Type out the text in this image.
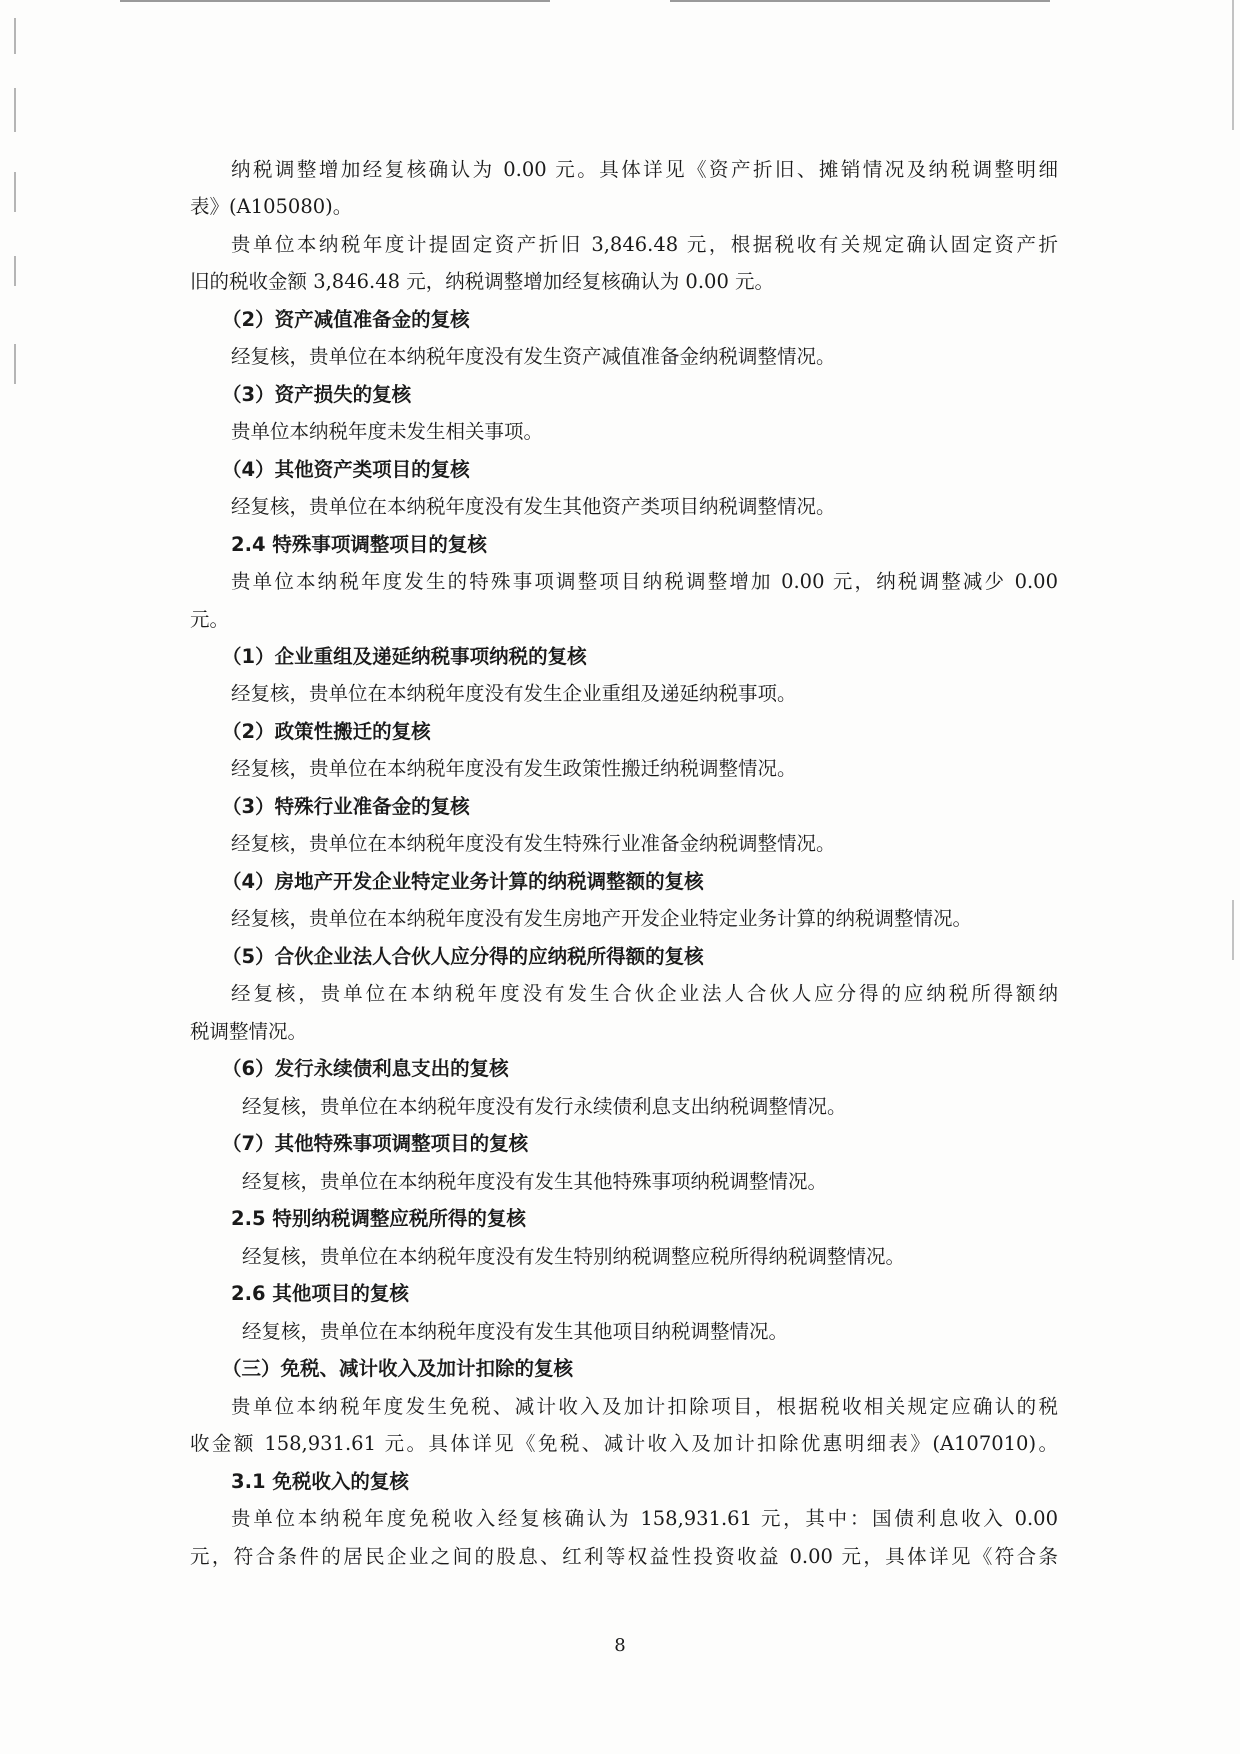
纳税调整增加经复核确认为 0.00 元。具体详见《资产折旧、摊销情况及纳税调整明细
表》(A105080)。
贵单位本纳税年度计提固定资产折旧 3,846.48 元，根据税收有关规定确认固定资产折
旧的税收金额 3,846.48 元，纳税调整增加经复核确认为 0.00 元。
（2）资产减值准备金的复核
经复核，贵单位在本纳税年度没有发生资产减值准备金纳税调整情况。
（3）资产损失的复核
贵单位本纳税年度未发生相关事项。
（4）其他资产类项目的复核
经复核，贵单位在本纳税年度没有发生其他资产类项目纳税调整情况。
2.4 特殊事项调整项目的复核
贵单位本纳税年度发生的特殊事项调整项目纳税调整增加 0.00 元，纳税调整减少 0.00
元。
（1）企业重组及递延纳税事项纳税的复核
经复核，贵单位在本纳税年度没有发生企业重组及递延纳税事项。
（2）政策性搬迁的复核
经复核，贵单位在本纳税年度没有发生政策性搬迁纳税调整情况。
（3）特殊行业准备金的复核
经复核，贵单位在本纳税年度没有发生特殊行业准备金纳税调整情况。
（4）房地产开发企业特定业务计算的纳税调整额的复核
经复核，贵单位在本纳税年度没有发生房地产开发企业特定业务计算的纳税调整情况。
（5）合伙企业法人合伙人应分得的应纳税所得额的复核
经复核，贵单位在本纳税年度没有发生合伙企业法人合伙人应分得的应纳税所得额纳
税调整情况。
（6）发行永续债利息支出的复核
经复核，贵单位在本纳税年度没有发行永续债利息支出纳税调整情况。
（7）其他特殊事项调整项目的复核
经复核，贵单位在本纳税年度没有发生其他特殊事项纳税调整情况。
2.5 特别纳税调整应税所得的复核
经复核，贵单位在本纳税年度没有发生特别纳税调整应税所得纳税调整情况。
2.6 其他项目的复核
经复核，贵单位在本纳税年度没有发生其他项目纳税调整情况。
（三）免税、减计收入及加计扣除的复核
贵单位本纳税年度发生免税、减计收入及加计扣除项目，根据税收相关规定应确认的税
收金额 158,931.61 元。具体详见《免税、减计收入及加计扣除优惠明细表》(A107010)。
3.1 免税收入的复核
贵单位本纳税年度免税收入经复核确认为 158,931.61 元，其中：国债利息收入 0.00
元，符合条件的居民企业之间的股息、红利等权益性投资收益 0.00 元，具体详见《符合条
8
